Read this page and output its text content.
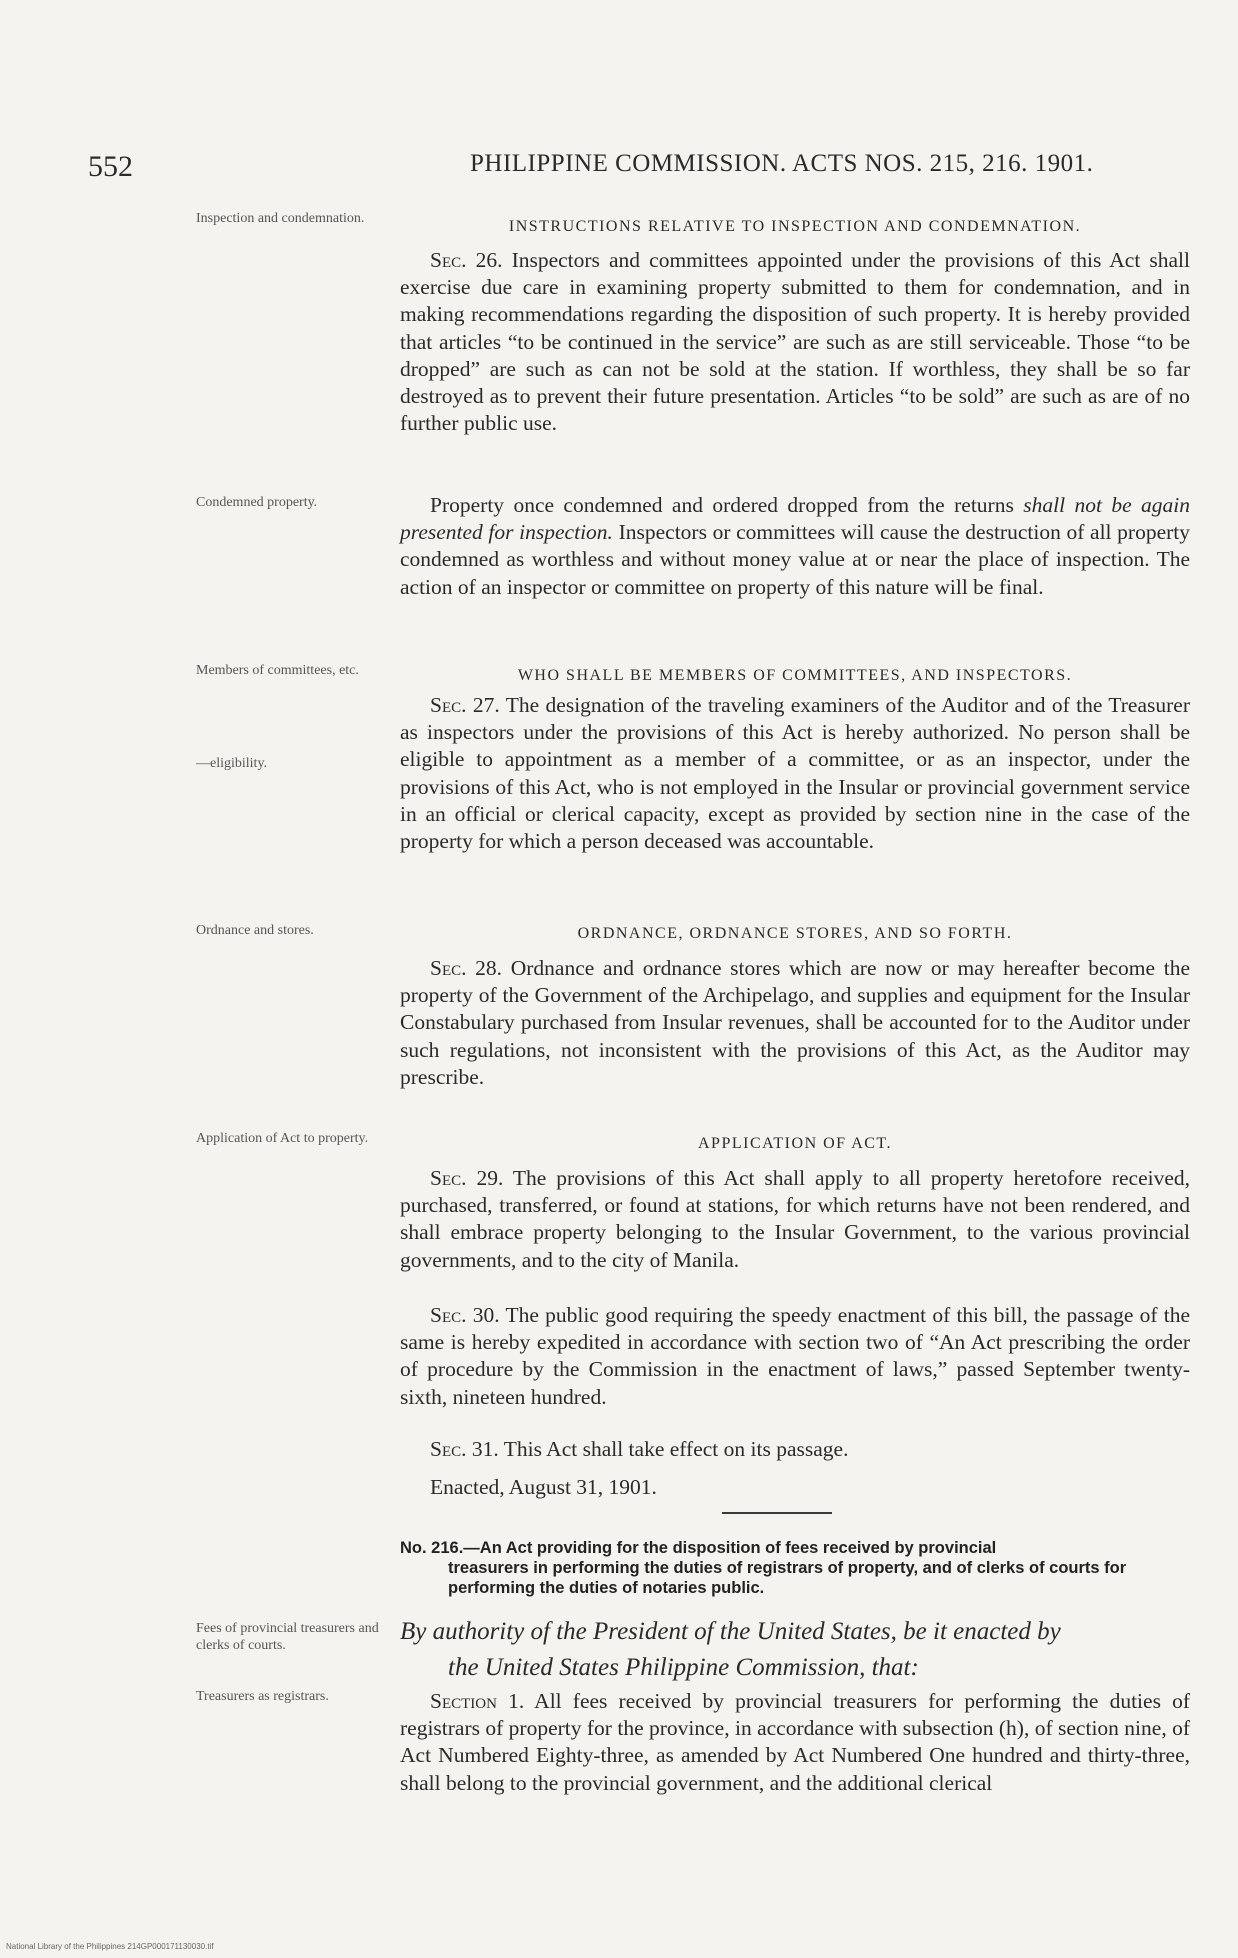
552	PHILIPPINE COMMISSION. ACTS NOS. 215, 216. 1901.
Inspection and condemnation.	INSTRUCTIONS RELATIVE TO INSPECTION AND CONDEMNATION.

Sec. 26. Inspectors and committees appointed under the provisions of this Act shall exercise due care in examining property submitted to them for condemnation, and in making recommendations regarding the disposition of such property. It is hereby provided that articles “to be continued in the service” are such as are still serviceable. Those “to be dropped” are such as can not be sold at the station. If worthless, they shall be so far destroyed as to prevent their future presentation. Articles “to be sold” are such as are of no further public use.

Condemned property.	Property once condemned and ordered dropped from the returns shall not be again presented for inspection. Inspectors or committees will cause the destruction of all property condemned as worthless and without money value at or near the place of inspection. The action of an inspector or committee on property of this nature will be final.

Members of committees, etc.	WHO SHALL BE MEMBERS OF COMMITTEES, AND INSPECTORS.

Sec. 27. The designation of the traveling examiners of the Auditor and of the Treasurer as inspectors under the provisions of this Act is hereby authorized. No person shall be eligible to appointment as a member of a committee, or as an inspector, under the provisions of this Act, who is not employed in the Insular or provincial government service in an official or clerical capacity, except as provided by section nine in the case of the property for which a person deceased was accountable.

—eligibility.
Ordnance and stores.	ORDNANCE, ORDNANCE STORES, AND SO FORTH.

Sec. 28. Ordnance and ordnance stores which are now or may hereafter become the property of the Government of the Archipelago, and supplies and equipment for the Insular Constabulary purchased from Insular revenues, shall be accounted for to the Auditor under such regulations, not inconsistent with the provisions of this Act, as the Auditor may prescribe.

Application of Act to property.	APPLICATION OF ACT.

Sec. 29. The provisions of this Act shall apply to all property heretofore received, purchased, transferred, or found at stations, for which returns have not been rendered, and shall embrace property belonging to the Insular Government, to the various provincial governments, and to the city of Manila.

Sec. 30. The public good requiring the speedy enactment of this bill, the passage of the same is hereby expedited in accordance with section two of “An Act prescribing the order of procedure by the Commission in the enactment of laws,” passed September twenty-sixth, nineteen hundred.

Sec. 31. This Act shall take effect on its passage.

Enacted, August 31, 1901.

No. 216.—An Act providing for the disposition of fees received by provincial
treasurers in performing the duties of registrars of property, and of clerks of courts for performing the duties of notaries public.

Fees of provincial treasurers and clerks of courts.

By authority of the President of the United States, be it enacted by
the United States Philippine Commission, that:

Treasurers as registrars.	Section 1. All fees received by provincial treasurers for performing the duties of registrars of property for the province, in accordance with subsection (h), of section nine, of Act Numbered Eighty-three, as amended by Act Numbered One hundred and thirty-three, shall belong to the provincial government, and the additional clerical

National Library of the Philippines 214GP000171130030.tif
